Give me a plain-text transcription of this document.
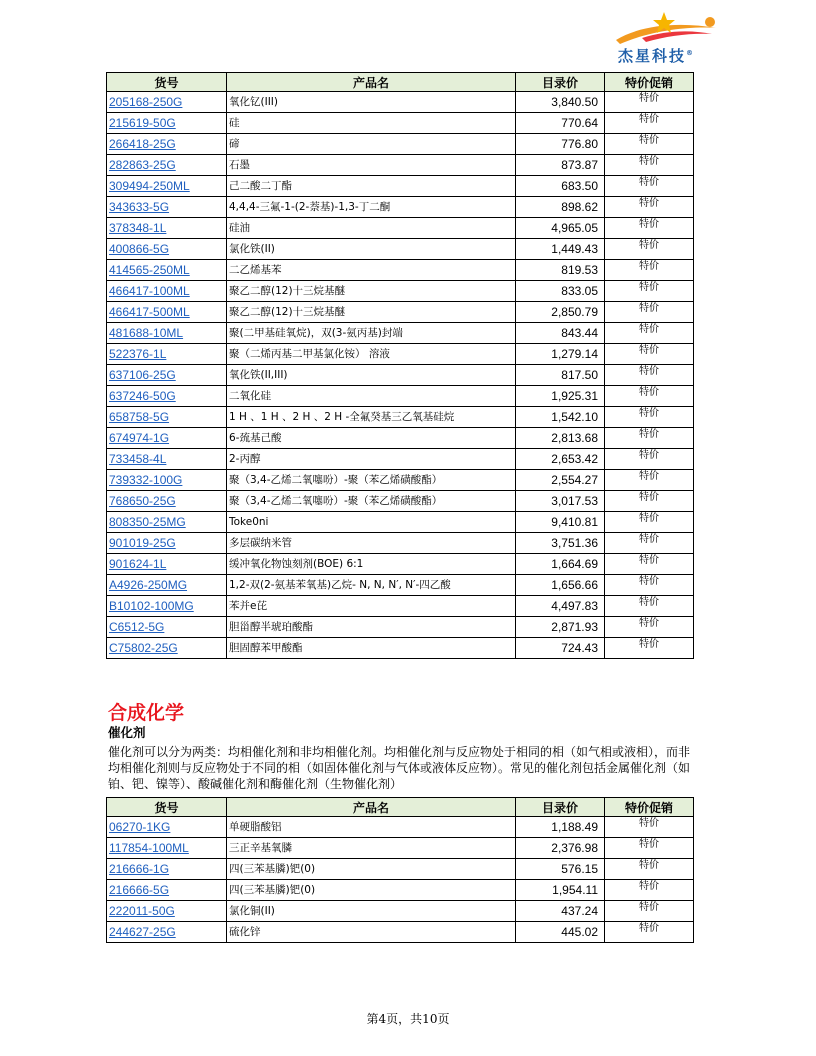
杰星科技®
货号	产品名	目录价	特价促销
205168-250G	氧化钇(III)	3,840.50	特价
215619-50G	硅	770.64	特价
266418-25G	碲	776.80	特价
282863-25G	石墨	873.87	特价
309494-250ML	己二酸二丁酯	683.50	特价
343633-5G	4,4,4-三氟-1-(2-萘基)-1,3-丁二酮	898.62	特价
378348-1L	硅油	4,965.05	特价
400866-5G	氯化铁(II)	1,449.43	特价
414565-250ML	二乙烯基苯	819.53	特价
466417-100ML	聚乙二醇(12)十三烷基醚	833.05	特价
466417-500ML	聚乙二醇(12)十三烷基醚	2,850.79	特价
481688-10ML	聚(二甲基硅氧烷)，双(3-氨丙基)封端	843.44	特价
522376-1L	聚（二烯丙基二甲基氯化铵） 溶液	1,279.14	特价
637106-25G	氧化铁(II,III)	817.50	特价
637246-50G	二氧化硅	1,925.31	特价
658758-5G	1 H 、1 H 、2 H 、2 H -全氟癸基三乙氧基硅烷	1,542.10	特价
674974-1G	6-巯基己酸	2,813.68	特价
733458-4L	2-丙醇	2,653.42	特价
739332-100G	聚（3,4-乙烯二氧噻吩）-聚（苯乙烯磺酸酯）	2,554.27	特价
768650-25G	聚（3,4-乙烯二氧噻吩）-聚（苯乙烯磺酸酯）	3,017.53	特价
808350-25MG	Toke0ni	9,410.81	特价
901019-25G	多层碳纳米管	3,751.36	特价
901624-1L	缓冲氧化物蚀刻剂(BOE) 6:1	1,664.69	特价
A4926-250MG	1,2-双(2-氨基苯氧基)乙烷- N, N, N′, N′-四乙酸	1,656.66	特价
B10102-100MG	苯并e芘	4,497.83	特价
C6512-5G	胆甾醇半琥珀酸酯	2,871.93	特价
C75802-25G	胆固醇苯甲酸酯	724.43	特价
合成化学
催化剂
催化剂可以分为两类：均相催化剂和非均相催化剂。均相催化剂与反应物处于相同的相（如气相或液相），而非均相催化剂则与反应物处于不同的相（如固体催化剂与气体或液体反应物）。常见的催化剂包括金属催化剂（如铂、钯、镍等）、酸碱催化剂和酶催化剂（生物催化剂）
货号	产品名	目录价	特价促销
06270-1KG	单硬脂酸铝	1,188.49	特价
117854-100ML	三正辛基氧膦	2,376.98	特价
216666-1G	四(三苯基膦)钯(0)	576.15	特价
216666-5G	四(三苯基膦)钯(0)	1,954.11	特价
222011-50G	氯化铜(II)	437.24	特价
244627-25G	硫化锌	445.02	特价
第4页，共10页
